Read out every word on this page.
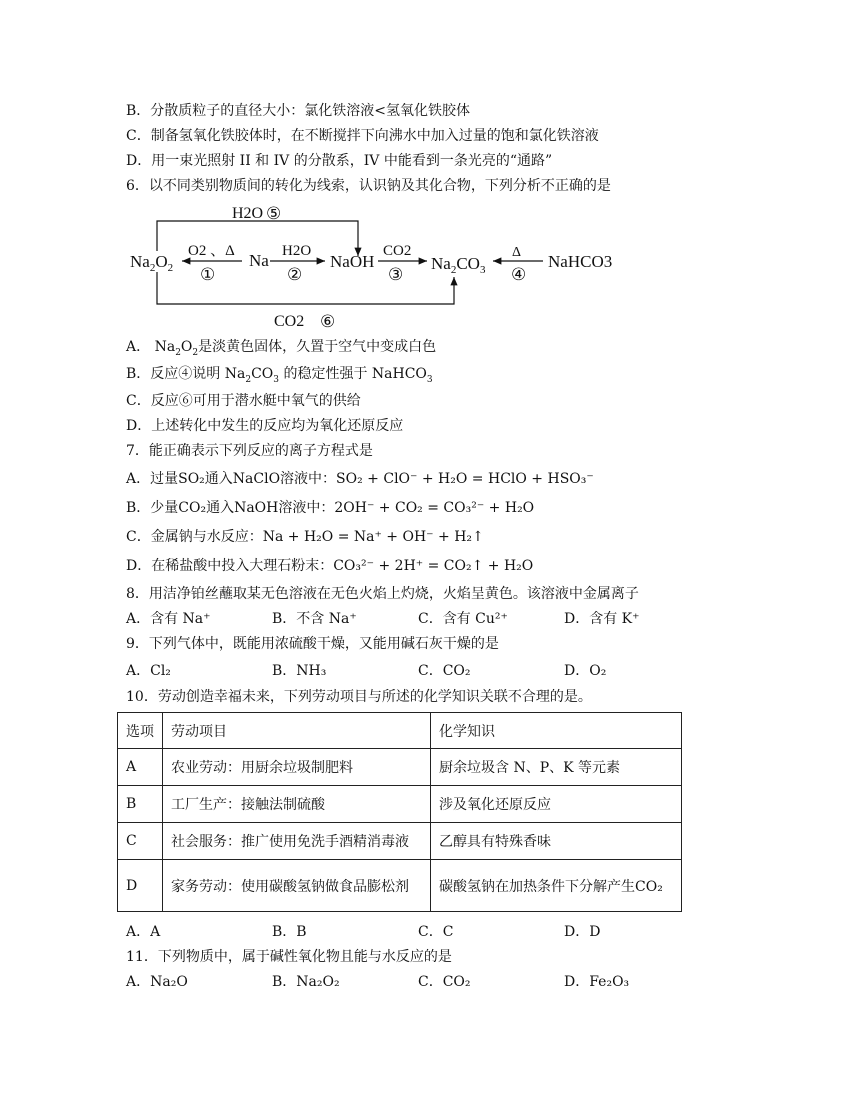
B．分散质粒子的直径大小：氯化铁溶液<氢氧化铁胶体
C．制备氢氧化铁胶体时，在不断搅拌下向沸水中加入过量的饱和氯化铁溶液
D．用一束光照射 II 和 IV 的分散系，IV 中能看到一条光亮的“通路”
6．以不同类别物质间的转化为线索，认识钠及其化合物，下列分析不正确的是
H2O ⑤
$Na_2O_2$	Na	NaOH	$Na_2CO_3$	NaHCO3
O2 、Δ
①
H2O
②
CO2
③
Δ
④
CO2 ⑥
A． $Na_2O_2$是淡黄色固体，久置于空气中变成白色
B．反应④说明 $Na_2CO_3$ 的稳定性强于 NaHCO$_3$
C．反应⑥可用于潜水艇中氧气的供给
D．上述转化中发生的反应均为氧化还原反应
7．能正确表示下列反应的离子方程式是
A．过量SO₂通入NaClO溶液中：SO₂ + ClO⁻ + H₂O = HClO + HSO₃⁻
B．少量CO₂通入NaOH溶液中：2OH⁻ + CO₂ = CO₃²⁻ + H₂O
C．金属钠与水反应：Na + H₂O = Na⁺ + OH⁻ + H₂↑
D．在稀盐酸中投入大理石粉末：CO₃²⁻ + 2H⁺ = CO₂↑ + H₂O
8．用洁净铂丝蘸取某无色溶液在无色火焰上灼烧，火焰呈黄色。该溶液中金属离子
A．含有 Na⁺	B．不含 Na⁺	C．含有 Cu²⁺	D．含有 K⁺
9．下列气体中，既能用浓硫酸干燥，又能用碱石灰干燥的是
A．Cl₂	B．NH₃	C．CO₂	D．O₂
10．劳动创造幸福未来，下列劳动项目与所述的化学知识关联不合理的是。
选项	劳动项目	化学知识
A	农业劳动：用厨余垃圾制肥料	厨余垃圾含 N、P、K 等元素
B	工厂生产：接触法制硫酸	涉及氧化还原反应
C	社会服务：推广使用免洗手酒精消毒液	乙醇具有特殊香味
D	家务劳动：使用碳酸氢钠做食品膨松剂	碳酸氢钠在加热条件下分解产生CO₂
A．A	B．B	C．C	D．D
11．下列物质中，属于碱性氧化物且能与水反应的是
A．Na₂O	B．Na₂O₂	C．CO₂	D．Fe₂O₃
